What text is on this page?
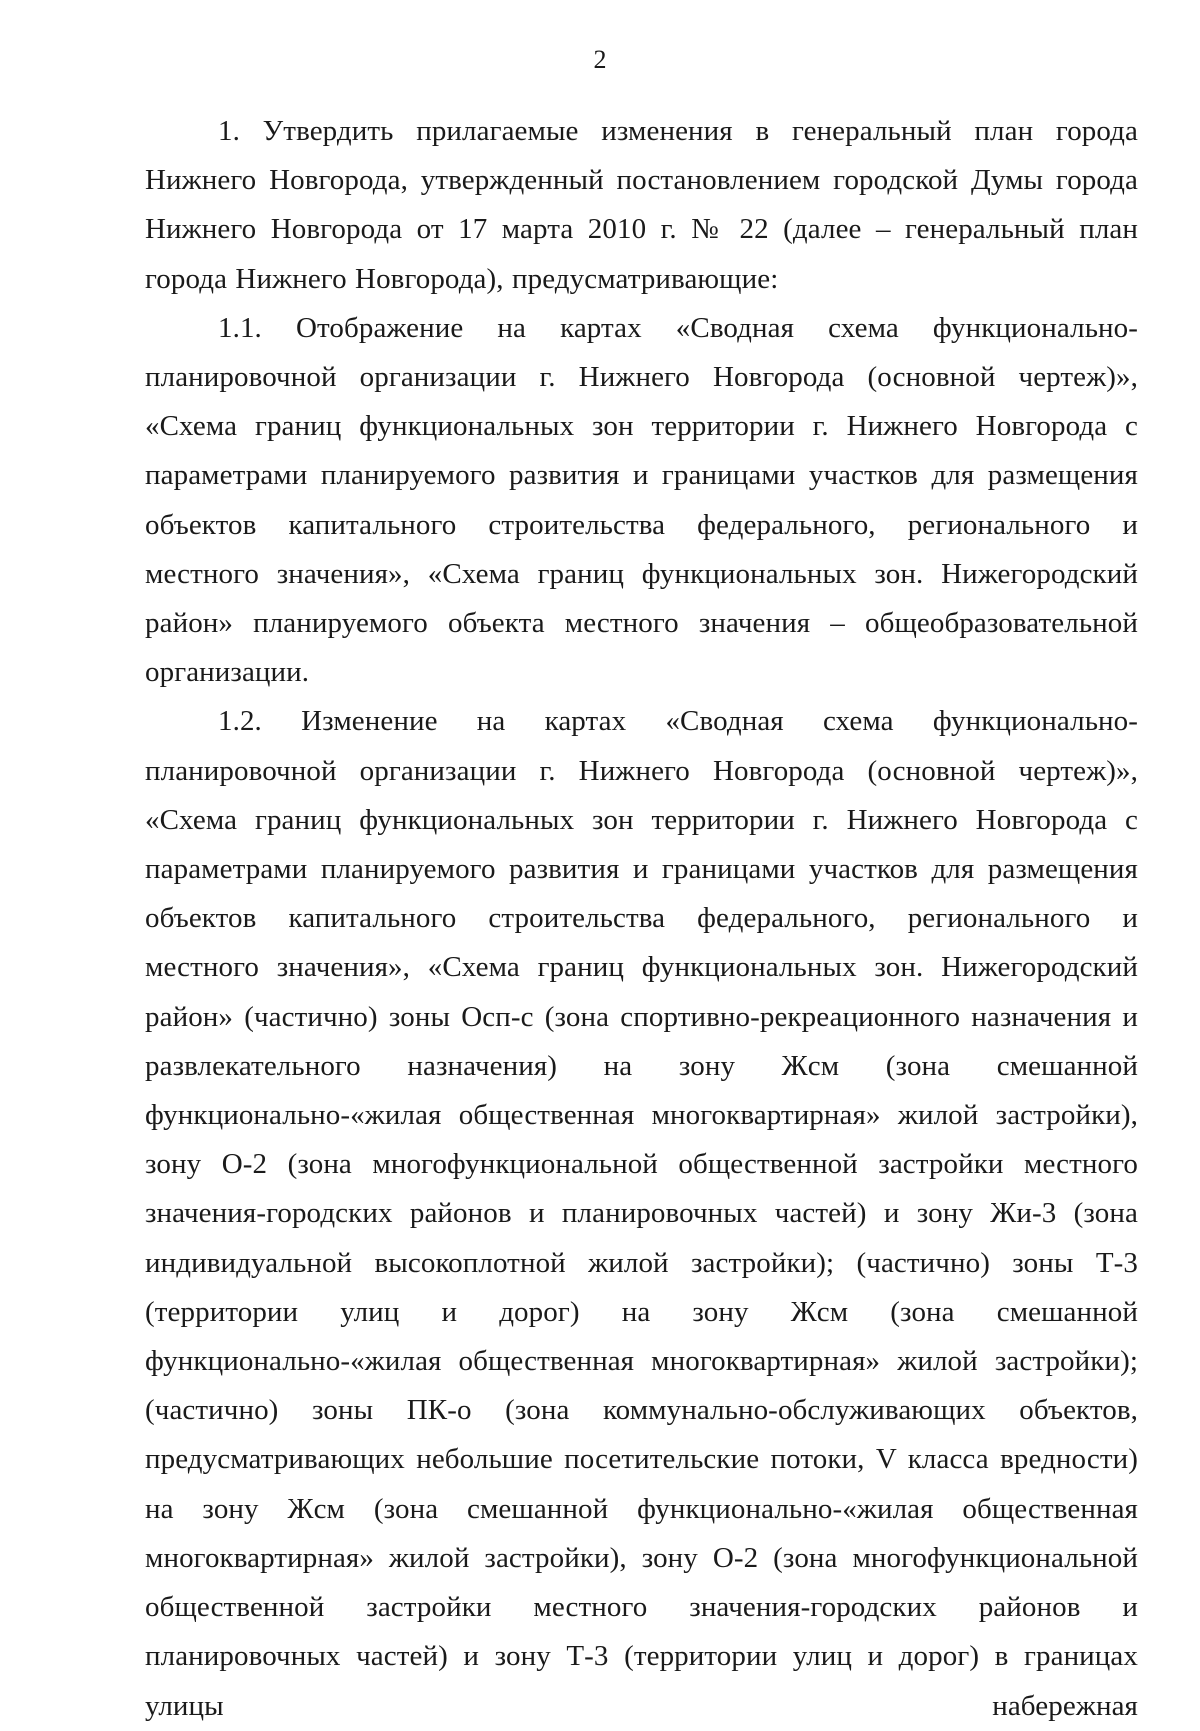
2

1. Утвердить прилагаемые изменения в генеральный план города Нижнего Новгорода, утвержденный постановлением городской Думы города Нижнего Новгорода от 17 марта 2010 г. № 22 (далее – генеральный план города Нижнего Новгорода), предусматривающие:

1.1. Отображение на картах «Сводная схема функционально-планировочной организации г. Нижнего Новгорода (основной чертеж)», «Схема границ функциональных зон территории г. Нижнего Новгорода с параметрами планируемого развития и границами участков для размещения объектов капитального строительства федерального, регионального и местного значения», «Схема границ функциональных зон. Нижегородский район» планируемого объекта местного значения – общеобразовательной организации.

1.2. Изменение на картах «Сводная схема функционально-планировочной организации г. Нижнего Новгорода (основной чертеж)», «Схема границ функциональных зон территории г. Нижнего Новгорода с параметрами планируемого развития и границами участков для размещения объектов капитального строительства федерального, регионального и местного значения», «Схема границ функциональных зон. Нижегородский район» (частично) зоны Осп-с (зона спортивно-рекреационного назначения и развлекательного назначения) на зону Жсм (зона смешанной функционально-«жилая общественная многоквартирная» жилой застройки), зону О-2 (зона многофункциональной общественной застройки местного значения-городских районов и планировочных частей) и зону Жи-3 (зона индивидуальной высокоплотной жилой застройки); (частично) зоны Т-3 (территории улиц и дорог) на зону Жсм (зона смешанной функционально-«жилая общественная многоквартирная» жилой застройки); (частично) зоны ПК-о (зона коммунально-обслуживающих объектов, предусматривающих небольшие посетительские потоки, V класса вредности) на зону Жсм (зона смешанной функционально-«жилая общественная многоквартирная» жилой застройки), зону О-2 (зона многофункциональной общественной застройки местного значения-городских районов и планировочных частей) и зону Т-3 (территории улиц и дорог) в границах улицы набережная
